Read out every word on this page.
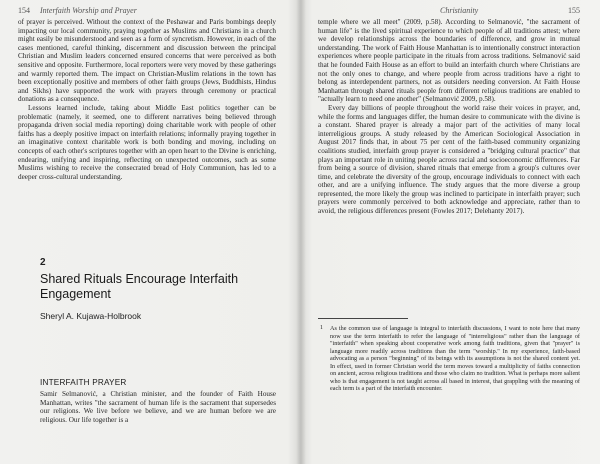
154 Interfaith Worship and Prayer

of prayer is perceived. Without the context of the Peshawar and Paris bombings deeply impacting our local community, praying together as Muslims and Christians in a church might easily be misunderstood and seen as a form of syncretism. However, in each of the cases mentioned, careful thinking, discernment and discussion between the principal Christian and Muslim leaders concerned ensured concerns that were perceived as both sensitive and opposite. Furthermore, local reporters were very moved by these gatherings and warmly reported them. The impact on Christian-Muslim relations in the town has been exceptionally positive and members of other faith groups (Jews, Buddhists, Hindus and Sikhs) have supported the work with prayers through ceremony or practical donations as a consequence.

Lessons learned include, taking about Middle East politics together can be problematic (namely, it seemed, one to different narratives being believed through propaganda driven social media reporting) doing charitable work with people of other faiths has a deeply positive impact on interfaith relations; informally praying together in an imaginative context charitable work is both bonding and moving, including on concepts of each other's scriptures together with an open heart to the Divine is enriching, endearing, unifying and inspiring, reflecting on unexpected outcomes, such as some Muslims wishing to receive the consecrated bread of Holy Communion, has led to a deeper cross-cultural understanding.

2
Shared Rituals Encourage Interfaith Engagement
Sheryl A. Kujawa-Holbrook
INTERFAITH PRAYER

Samir Selmanović, a Christian minister, and the founder of Faith House Manhattan, writes "the sacrament of human life is the sacrament that supersedes our religions. We live before we believe, and we are human before we are religious. Our life together is a

Christianity	155

temple where we all meet" (2009, p.58). According to Selmanović, "the sacrament of human life" is the lived spiritual experience to which people of all traditions attest; where we develop relationships across the boundaries of difference, and grow in mutual understanding. The work of Faith House Manhattan is to intentionally construct interaction experiences where people participate in the rituals from across traditions. Selmanović said that he founded Faith House as an effort to build an interfaith church where Christians are not the only ones to change, and where people from across traditions have a right to belong as interdependent partners, not as outsiders needing conversion. At Faith House Manhattan through shared rituals people from different religious traditions are enabled to "actually learn to need one another" (Selmanović 2009, p.58).

Every day billions of people throughout the world raise their voices in prayer, and, while the forms and languages differ, the human desire to communicate with the divine is a constant. Shared prayer is already a major part of the activities of many local interreligious groups. A study released by the American Sociological Association in August 2017 finds that, in about 75 per cent of the faith-based community organizing coalitions studied, interfaith group prayer is considered a "bridging cultural practice" that plays an important role in uniting people across racial and socioeconomic differences. Far from being a source of division, shared rituals that emerge from a group's cultures over time, and celebrate the diversity of the group, encourage individuals to connect with each other, and are a unifying influence. The study argues that the more diverse a group represented, the more likely the group was inclined to participate in interfaith prayer; such prayers were commonly perceived to both acknowledge and appreciate, rather than to avoid, the religious differences present (Fowles 2017; Delehanty 2017).

1 As the common use of language is integral to interfaith discussions, I want to note here that many now use the term interfaith to refer the language of "interreligious" rather than the language of "interfaith" when speaking about cooperative work among faith traditions, given that "prayer" is language more readily across traditions than the term "worship." In my experience, faith-based advocating as a person "beginning" of its beings with its assumptions is not the shared content yet. In effect, used in former Christian world the term moves toward a multiplicity of faiths connection on ancient, across religious traditions and those who claim no tradition. What is perhaps more salient who is that engagement is not taught across all based in interest, that grappling with the meaning of each term is a part of the interfaith encounter.
